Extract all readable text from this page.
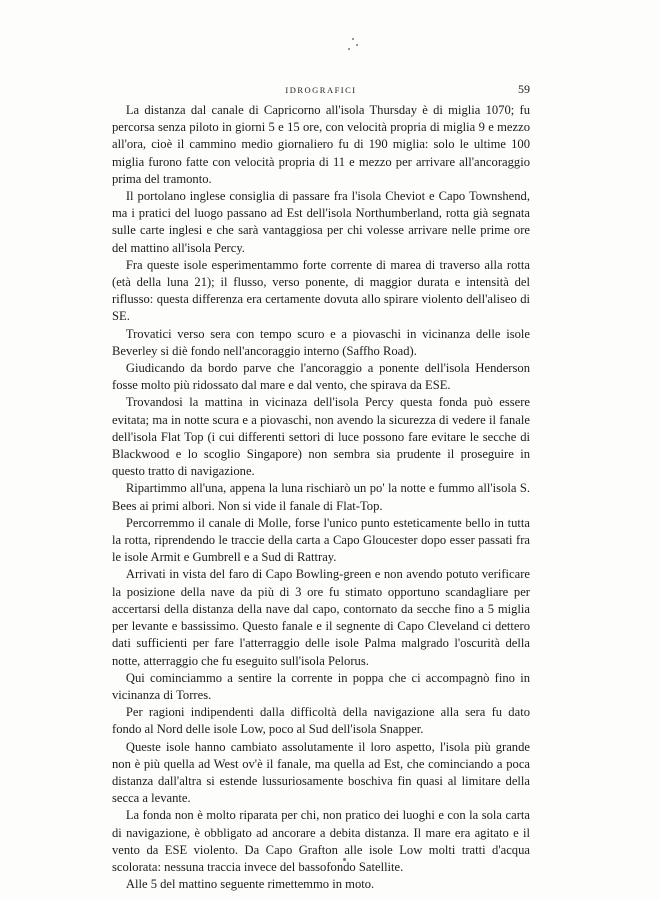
IDROGRAFICI	59

La distanza dal canale di Capricorno all'isola Thursday è di miglia 1070; fu percorsa senza piloto in giorni 5 e 15 ore, con velocità propria di miglia 9 e mezzo all'ora, cioè il cammino medio giornaliero fu di 190 miglia: solo le ultime 100 miglia furono fatte con velocità propria di 11 e mezzo per arrivare all'ancoraggio prima del tramonto.

Il portolano inglese consiglia di passare fra l'isola Cheviot e Capo Townshend, ma i pratici del luogo passano ad Est dell'isola Northumberland, rotta già segnata sulle carte inglesi e che sarà vantaggiosa per chi volesse arrivare nelle prime ore del mattino all'isola Percy.

Fra queste isole esperimentammo forte corrente di marea di traverso alla rotta (età della luna 21); il flusso, verso ponente, di maggior durata e intensità del riflusso: questa differenza era certamente dovuta allo spirare violento dell'aliseo di SE.

Trovatici verso sera con tempo scuro e a piovaschi in vicinanza delle isole Beverley si diè fondo nell'ancoraggio interno (Saffho Road).

Giudicando da bordo parve che l'ancoraggio a ponente dell'isola Henderson fosse molto più ridossato dal mare e dal vento, che spirava da ESE.

Trovandosi la mattina in vicinaza dell'isola Percy questa fonda può essere evitata; ma in notte scura e a piovaschi, non avendo la sicurezza di vedere il fanale dell'isola Flat Top (i cui differenti settori di luce possono fare evitare le secche di Blackwood e lo scoglio Singapore) non sembra sia prudente il proseguire in questo tratto di navigazione.

Ripartimmo all'una, appena la luna rischiarò un po' la notte e fummo all'isola S. Bees ai primi albori. Non si vide il fanale di Flat-Top.

Percorremmo il canale di Molle, forse l'unico punto esteticamente bello in tutta la rotta, riprendendo le traccie della carta a Capo Gloucester dopo esser passati fra le isole Armit e Gumbrell e a Sud di Rattray.

Arrivati in vista del faro di Capo Bowling-green e non avendo potuto verificare la posizione della nave da più di 3 ore fu stimato opportuno scandagliare per accertarsi della distanza della nave dal capo, contornato da secche fino a 5 miglia per levante e bassissimo. Questo fanale e il segnente di Capo Cleveland ci dettero dati sufficienti per fare l'atterraggio delle isole Palma malgrado l'oscurità della notte, atterraggio che fu eseguito sull'isola Pelorus.

Qui cominciammo a sentire la corrente in poppa che ci accompagnò fino in vicinanza di Torres.

Per ragioni indipendenti dalla difficoltà della navigazione alla sera fu dato fondo al Nord delle isole Low, poco al Sud dell'isola Snapper.

Queste isole hanno cambiato assolutamente il loro aspetto, l'isola più grande non è più quella ad West ov'è il fanale, ma quella ad Est, che cominciando a poca distanza dall'altra si estende lussuriosamente boschiva fin quasi al limitare della secca a levante.

La fonda non è molto riparata per chi, non pratico dei luoghi e con la sola carta di navigazione, è obbligato ad ancorare a debita distanza. Il mare era agitato e il vento da ESE violento. Da Capo Grafton alle isole Low molti tratti d'acqua scolorata: nessuna traccia invece del bassofondo Satellite.

Alle 5 del mattino seguente rimettemmo in moto.
